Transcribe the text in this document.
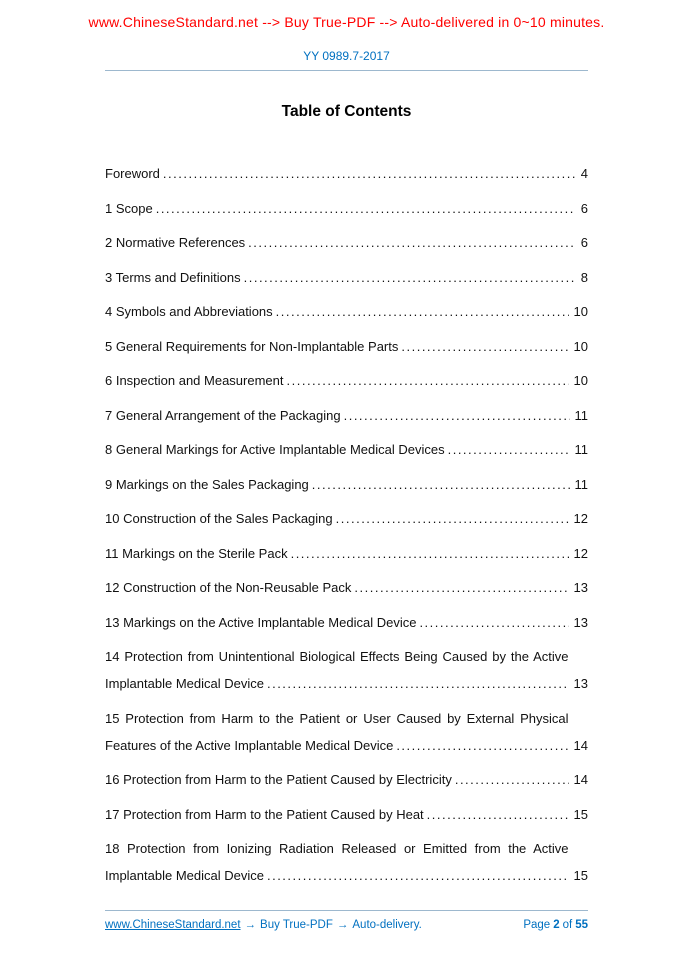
www.ChineseStandard.net --> Buy True-PDF --> Auto-delivered in 0~10 minutes.
YY 0989.7-2017
Table of Contents
Foreword .....	4
1 Scope .....	6
2 Normative References .....	6
3 Terms and Definitions .....	8
4 Symbols and Abbreviations .....	10
5 General Requirements for Non-Implantable Parts .....	10
6 Inspection and Measurement .....	10
7 General Arrangement of the Packaging .....	11
8 General Markings for Active Implantable Medical Devices .....	11
9 Markings on the Sales Packaging .....	11
10 Construction of the Sales Packaging .....	12
11 Markings on the Sterile Pack .....	12
12 Construction of the Non-Reusable Pack .....	13
13 Markings on the Active Implantable Medical Device .....	13
14 Protection from Unintentional Biological Effects Being Caused by the Active Implantable Medical Device .....	13
15 Protection from Harm to the Patient or User Caused by External Physical Features of the Active Implantable Medical Device .....	14
16 Protection from Harm to the Patient Caused by Electricity .....	14
17 Protection from Harm to the Patient Caused by Heat .....	15
18 Protection from Ionizing Radiation Released or Emitted from the Active Implantable Medical Device .....	15
www.ChineseStandard.net → Buy True-PDF → Auto-delivery.	Page 2 of 55
